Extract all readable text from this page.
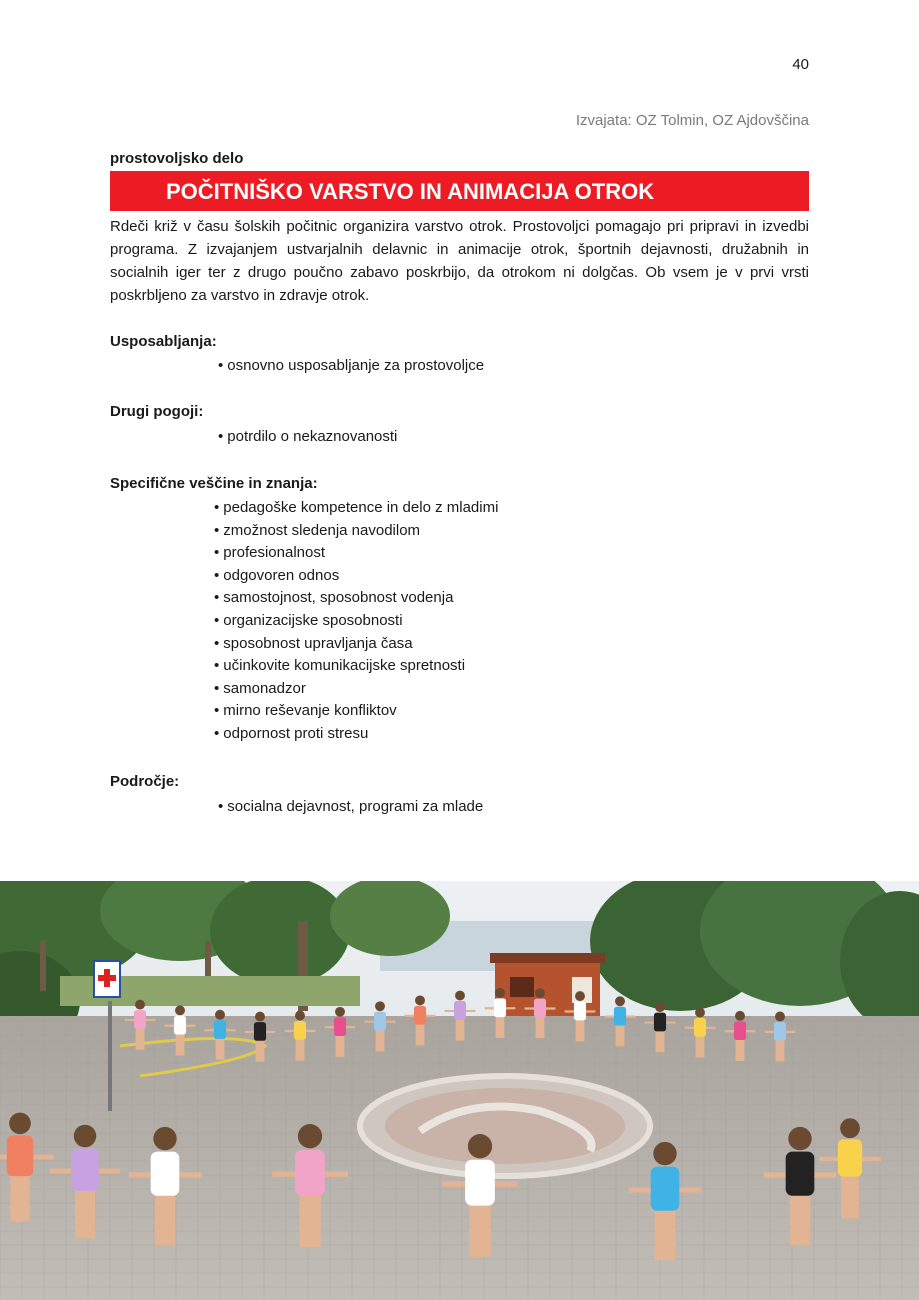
40
Izvajata: OZ Tolmin, OZ Ajdovščina
prostovoljsko delo
POČITNIŠKO VARSTVO IN ANIMACIJA OTROK

Rdeči križ v času šolskih počitnic organizira varstvo otrok. Prostovoljci pomagajo pri pripravi in izvedbi programa. Z izvajanjem ustvarjalnih delavnic in animacije otrok, športnih dejavnosti, družabnih in socialnih iger ter z drugo poučno zabavo poskrbijo, da otrokom ni dolgčas. Ob vsem je v prvi vrsti poskrbljeno za varstvo in zdravje otrok.

Usposabljanja:
• osnovno usposabljanje za prostovoljce
Drugi pogoji:
• potrdilo o nekaznovanosti
Specifične veščine in znanja:
• pedagoške kompetence in delo z mladimi
• zmožnost sledenja navodilom
• profesionalnost
• odgovoren odnos
• samostojnost, sposobnost vodenja
• organizacijske sposobnosti
• sposobnost upravljanja časa
• učinkovite komunikacijske spretnosti
• samonadzor
• mirno reševanje konfliktov
• odpornost proti stresu
Področje:
• socialna dejavnost, programi za mlade
